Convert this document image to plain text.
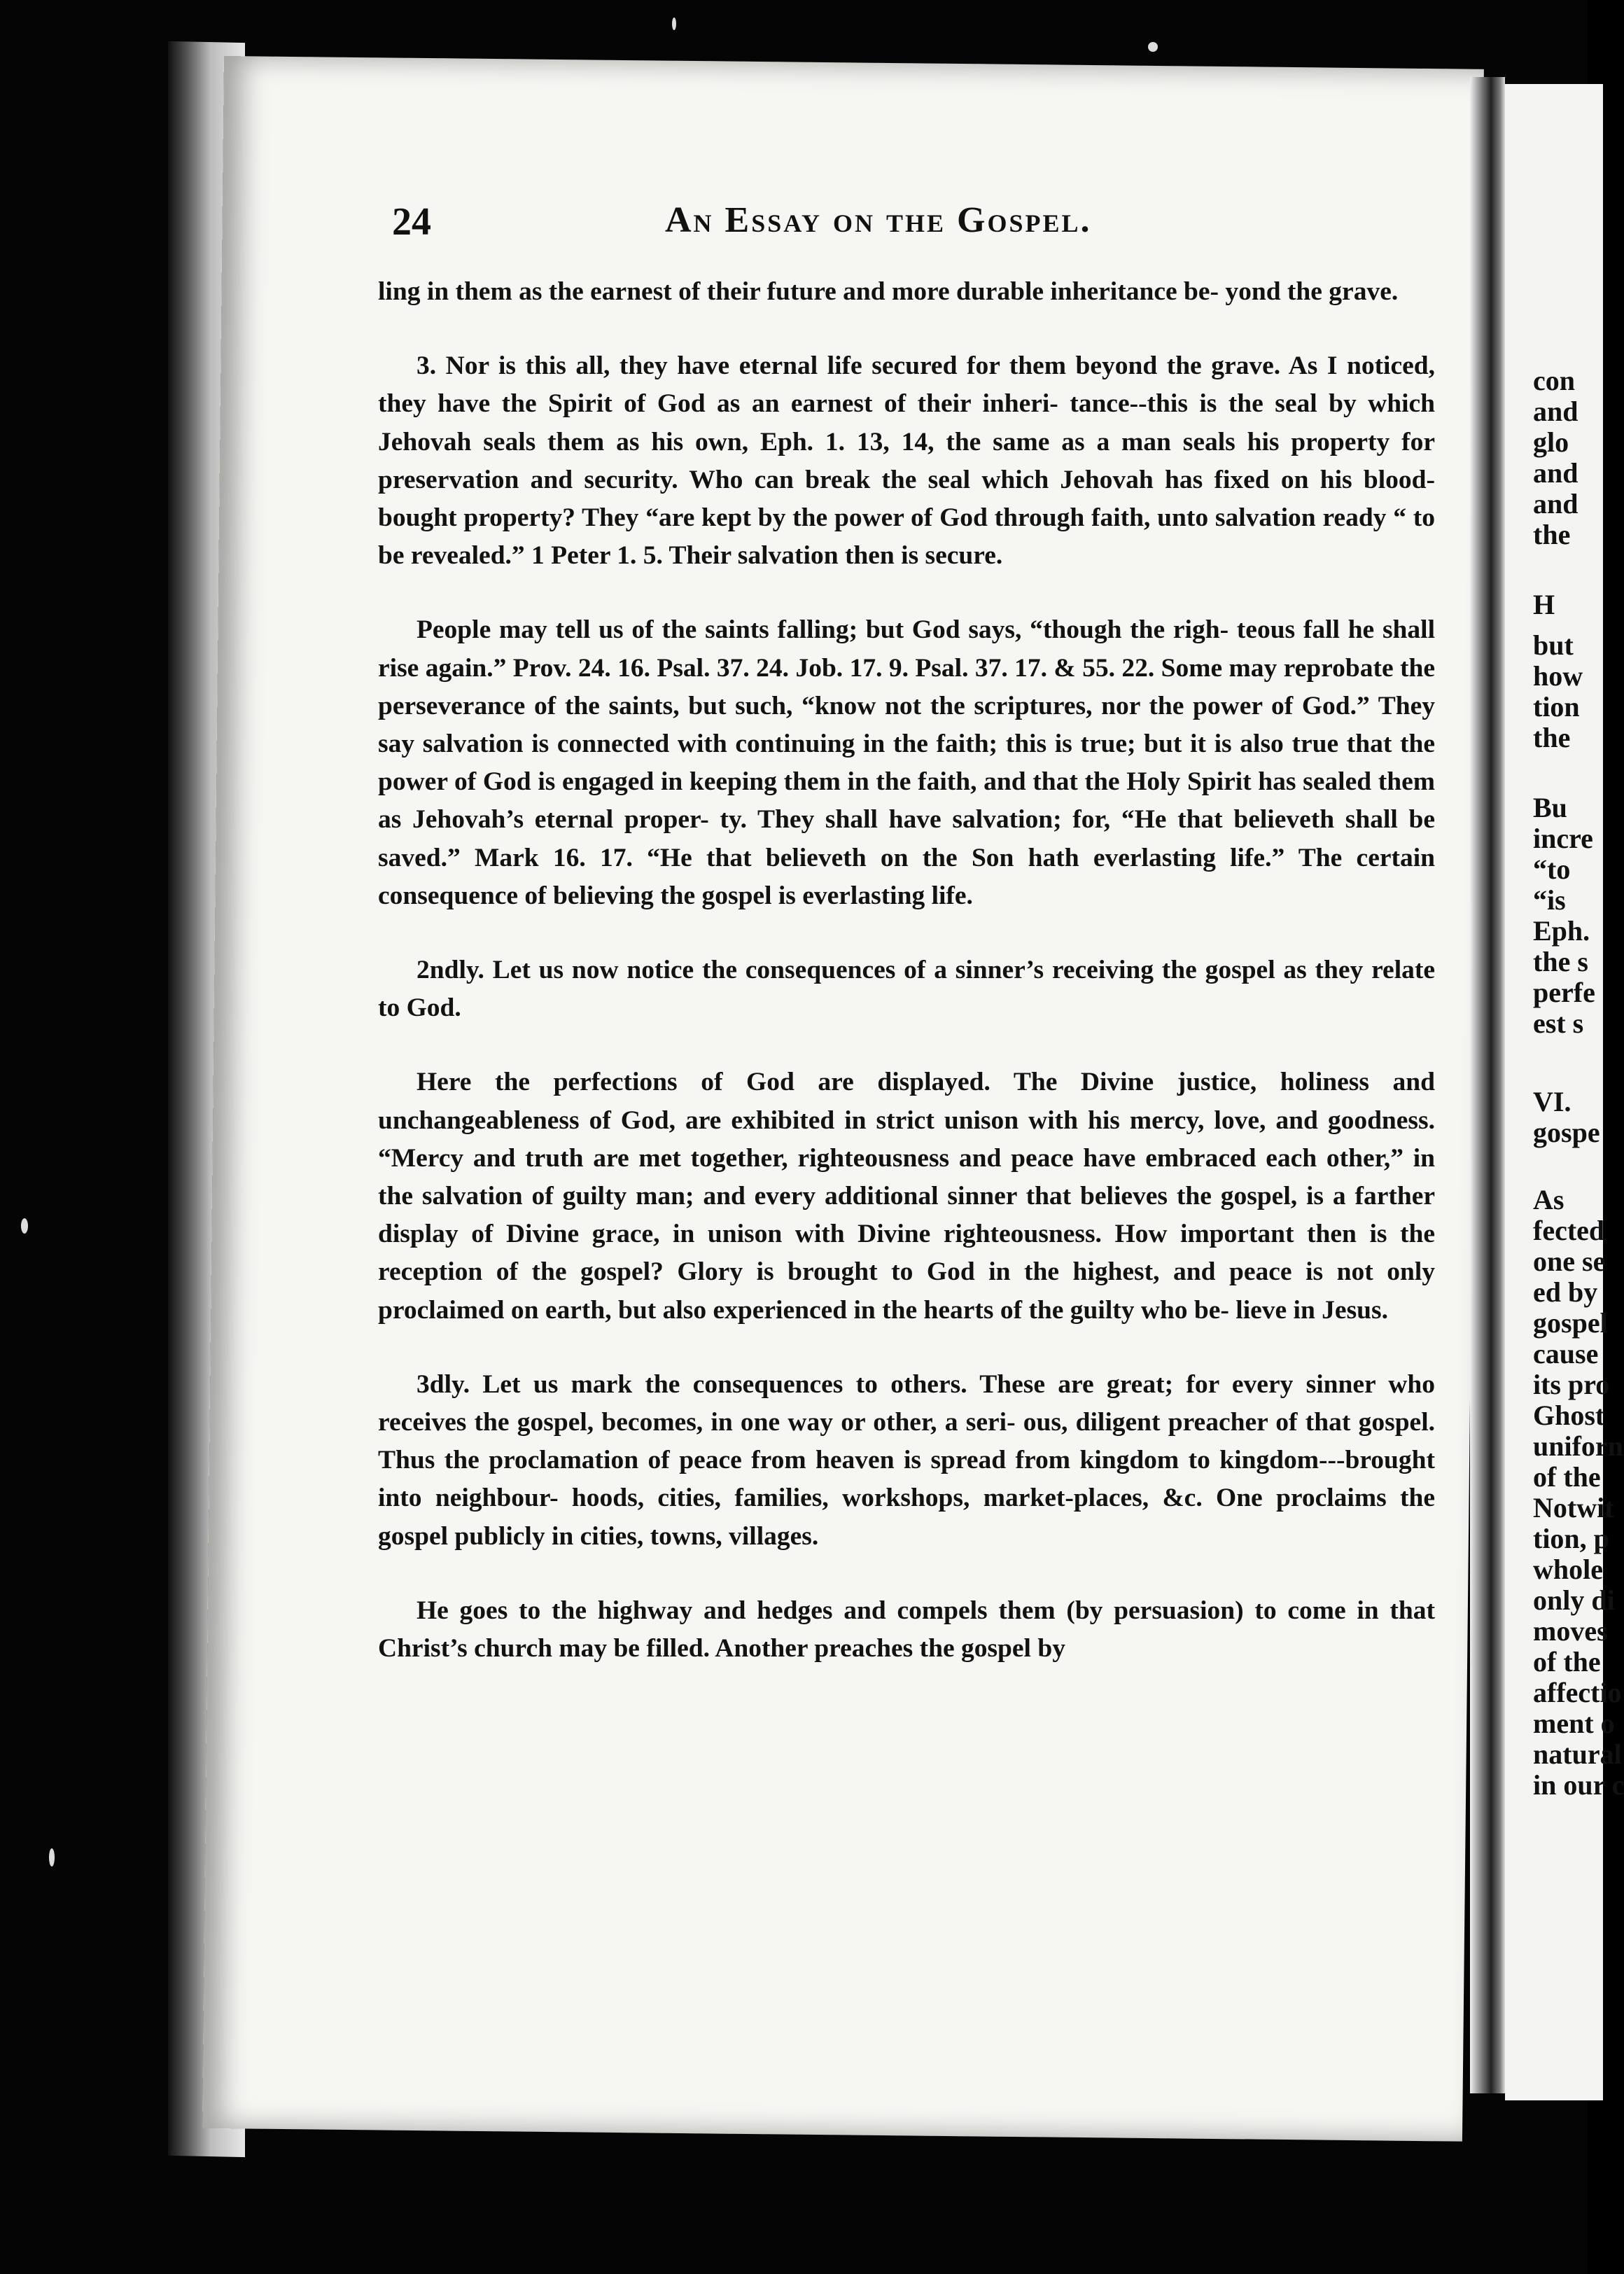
24	An Essay on the Gospel.

ling in them as the earnest of their future and more durable inheritance be- yond the grave.

3. Nor is this all, they have eternal life secured for them beyond the grave. As I noticed, they have the Spirit of God as an earnest of their inheri- tance--this is the seal by which Jehovah seals them as his own, Eph. 1. 13, 14, the same as a man seals his property for preservation and security. Who can break the seal which Jehovah has fixed on his blood-bought property? They “are kept by the power of God through faith, unto salvation ready “ to be revealed.” 1 Peter 1. 5. Their salvation then is secure.

People may tell us of the saints falling; but God says, “though the righ- teous fall he shall rise again.” Prov. 24. 16. Psal. 37. 24. Job. 17. 9. Psal. 37. 17. & 55. 22. Some may reprobate the perseverance of the saints, but such, “know not the scriptures, nor the power of God.” They say salvation is connected with continuing in the faith; this is true; but it is also true that the power of God is engaged in keeping them in the faith, and that the Holy Spirit has sealed them as Jehovah’s eternal proper- ty. They shall have salvation; for, “He that believeth shall be saved.” Mark 16. 17. “He that believeth on the Son hath everlasting life.” The certain consequence of believing the gospel is everlasting life.

2ndly. Let us now notice the consequences of a sinner’s receiving the gospel as they relate to God.

Here the perfections of God are displayed. The Divine justice, holiness and unchangeableness of God, are exhibited in strict unison with his mercy, love, and goodness. “Mercy and truth are met together, righteousness and peace have embraced each other,” in the salvation of guilty man; and every additional sinner that believes the gospel, is a farther display of Divine grace, in unison with Divine righteousness. How important then is the reception of the gospel? Glory is brought to God in the highest, and peace is not only proclaimed on earth, but also experienced in the hearts of the guilty who be- lieve in Jesus.

3dly. Let us mark the consequences to others. These are great; for every sinner who receives the gospel, becomes, in one way or other, a seri- ous, diligent preacher of that gospel. Thus the proclamation of peace from heaven is spread from kingdom to kingdom---brought into neighbour- hoods, cities, families, workshops, market-places, &c. One proclaims the gospel publicly in cities, towns, villages.

He goes to the highway and hedges and compels them (by persuasion) to come in that Christ’s church may be filled. Another preaches the gospel by

con
and
glo
and
and
the
H
but
how
tion
the
Bu
incre
“to
“is
Eph.
the s
perfe
est s
VI.
gospe
As
fected
one se
ed by
gospel
cause
its pro
Ghost
uniforn
of the
Notwit
tion, p
whole
only di
moves
of the
affectio
ment o
natural
in our c
